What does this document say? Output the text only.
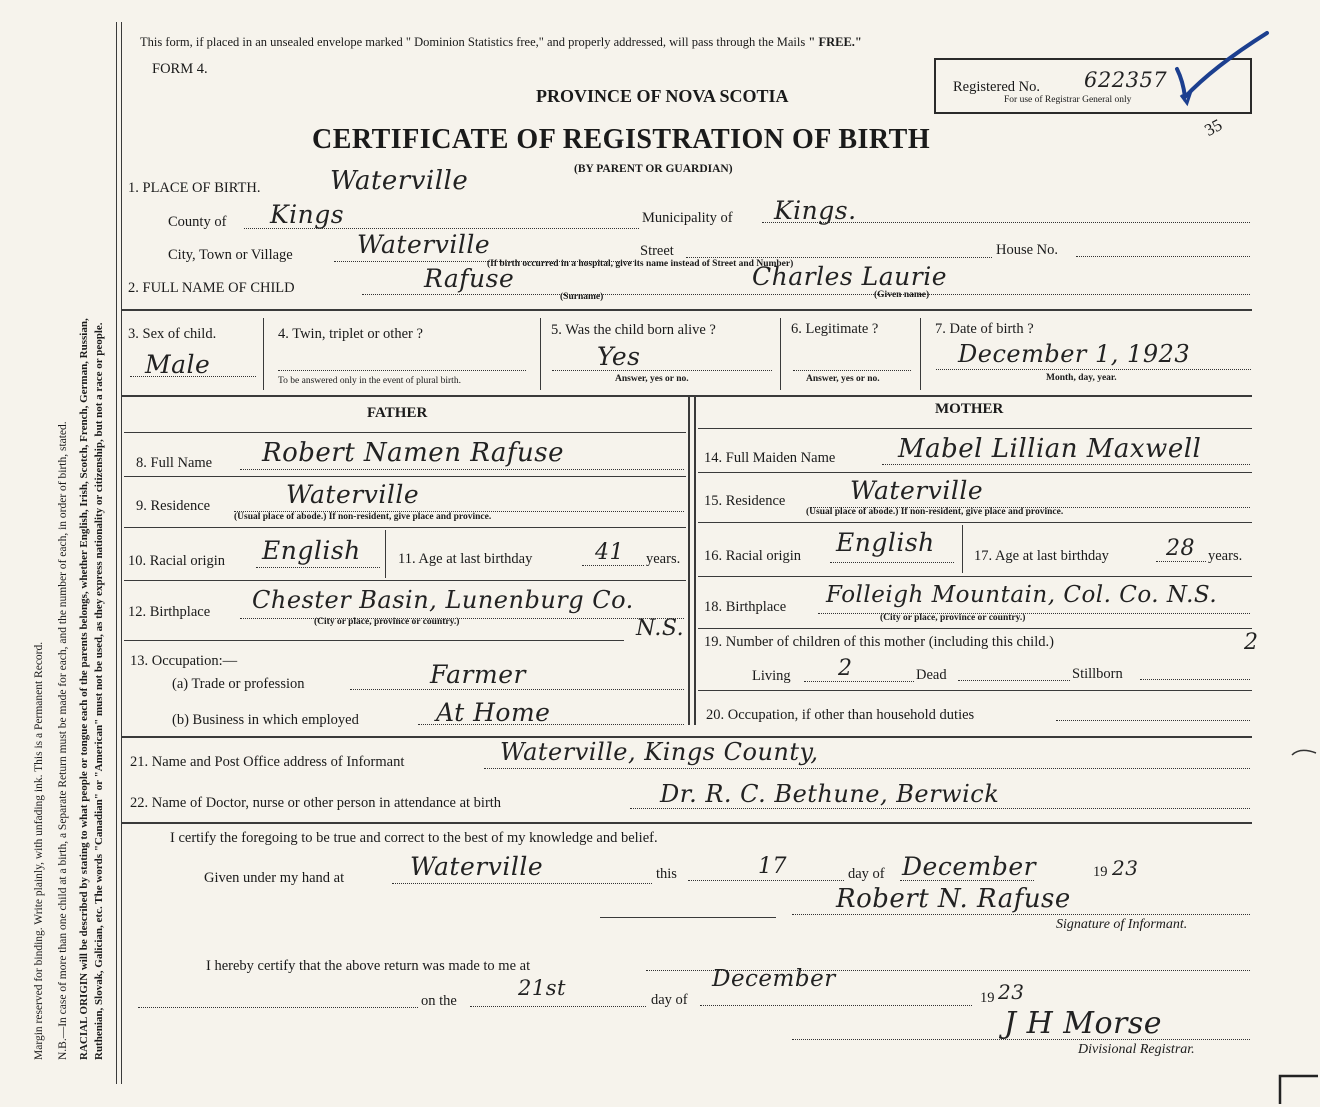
Margin reserved for binding. Write plainly, with unfading ink. This is a Permanent Record. N.B.—In case of more than one child at a birth, a Separate Return must be made for each, and the number of each, in order of birth, stated. RACIAL ORIGIN will be described by stating to what people or tongue each of the parents belongs, whether English, Irish, Scotch, French, German, Russian, Ruthenian, Slovak, Galician, etc. The words "Canadian" or "American" must not be used, as they express nationality or citizenship, but not a race or people.
This form, if placed in an unsealed envelope marked " Dominion Statistics free," and properly addressed, will pass through the Mails " FREE."
FORM 4.
PROVINCE OF NOVA SCOTIA
CERTIFICATE OF REGISTRATION OF BIRTH
(BY PARENT OR GUARDIAN)
Registered No. 622357
For use of Registrar General only
35
1. PLACE OF BIRTH.	Waterville
County of Kings	Municipality of Kings.
City, Town or Village	Waterville	Street	House No.
(If birth occurred in a hospital, give its name instead of Street and Number)
2. FULL NAME OF CHILD	Rafuse
(Surname)
Charles Laurie
(Given name)
3. Sex of child.
Male
4. Twin, triplet or other ?
To be answered only in the event of plural birth.
5. Was the child born alive ?
Yes
Answer, yes or no.
6. Legitimate ?
Answer, yes or no.
7. Date of birth ?
December 1, 1923
Month, day, year.
FATHER
8. Full Name Robert Namen Rafuse
9. Residence	Waterville
(Usual place of abode.) If non-resident, give place and province.
10. Racial origin English	11. Age at last birthday	41 years.
12. Birthplace Chester Basin, Lunenburg Co.
N.S.
(City or place, province or country.)
13. Occupation:—
(a) Trade or profession	Farmer
(b) Business in which employed	At Home
MOTHER
14. Full Maiden Name Mabel Lillian Maxwell
15. Residence	Waterville
(Usual place of abode.) If non-resident, give place and province.
16. Racial origin English	17. Age at last birthday	28 years.
18. Birthplace Folleigh Mountain, Col. Co. N.S.
(City or place, province or country.)
19. Number of children of this mother (including this child.)	2
Living 2	Dead	Stillborn
20. Occupation, if other than household duties
21. Name and Post Office address of Informant	Waterville, Kings County,
22. Name of Doctor, nurse or other person in attendance at birth	Dr. R. C. Bethune, Berwick
I certify the foregoing to be true and correct to the best of my knowledge and belief.
Given under my hand at	Waterville	this	17	day of December	19 23
Robert N. Rafuse
Signature of Informant.
I hereby certify that the above return was made to me at
on the
21st	day of
December
19 23
J H Morse
Divisional Registrar.
